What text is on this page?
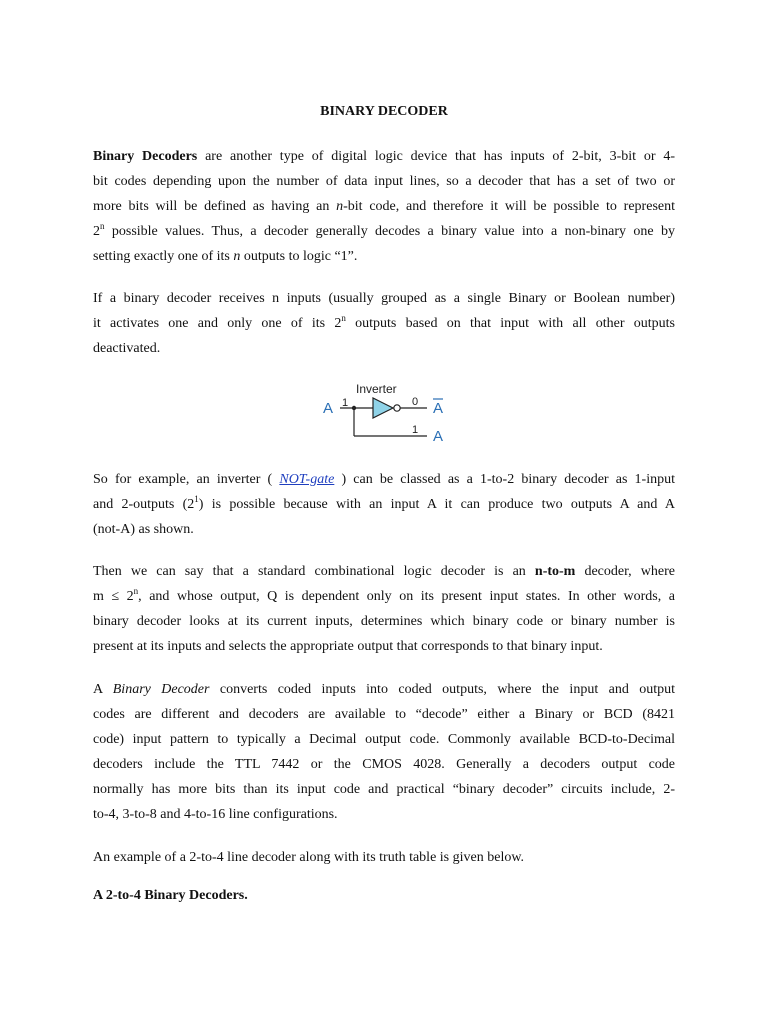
BINARY DECODER
Binary Decoders are another type of digital logic device that has inputs of 2-bit, 3-bit or 4-
bit codes depending upon the number of data input lines, so a decoder that has a set of two or
more bits will be defined as having an n-bit code, and therefore it will be possible to represent
2$^n$ possible values. Thus, a decoder generally decodes a binary value into a non-binary one by
setting exactly one of its n outputs to logic “1”.
If a binary decoder receives n inputs (usually grouped as a single Binary or Boolean number)
it activates one and only one of its 2$^n$ outputs based on that input with all other outputs
deactivated.
Inverter
A 1	0 A
1 A
So for example, an inverter ( NOT-gate ) can be classed as a 1-to-2 binary decoder as 1-input
and 2-outputs $(2^1)$ is possible because with an input A it can produce two outputs A and A
(not-A) as shown.
Then we can say that a standard combinational logic decoder is an n-to-m decoder, where
$m \le 2^n$, and whose output, Q is dependent only on its present input states. In other words, a
binary decoder looks at its current inputs, determines which binary code or binary number is
present at its inputs and selects the appropriate output that corresponds to that binary input.
A Binary Decoder converts coded inputs into coded outputs, where the input and output
codes are different and decoders are available to “decode” either a Binary or BCD (8421
code) input pattern to typically a Decimal output code. Commonly available BCD-to-Decimal
decoders include the TTL 7442 or the CMOS 4028. Generally a decoders output code
normally has more bits than its input code and practical “binary decoder” circuits include, 2-
to-4, 3-to-8 and 4-to-16 line configurations.
An example of a 2-to-4 line decoder along with its truth table is given below.
A 2-to-4 Binary Decoders.
